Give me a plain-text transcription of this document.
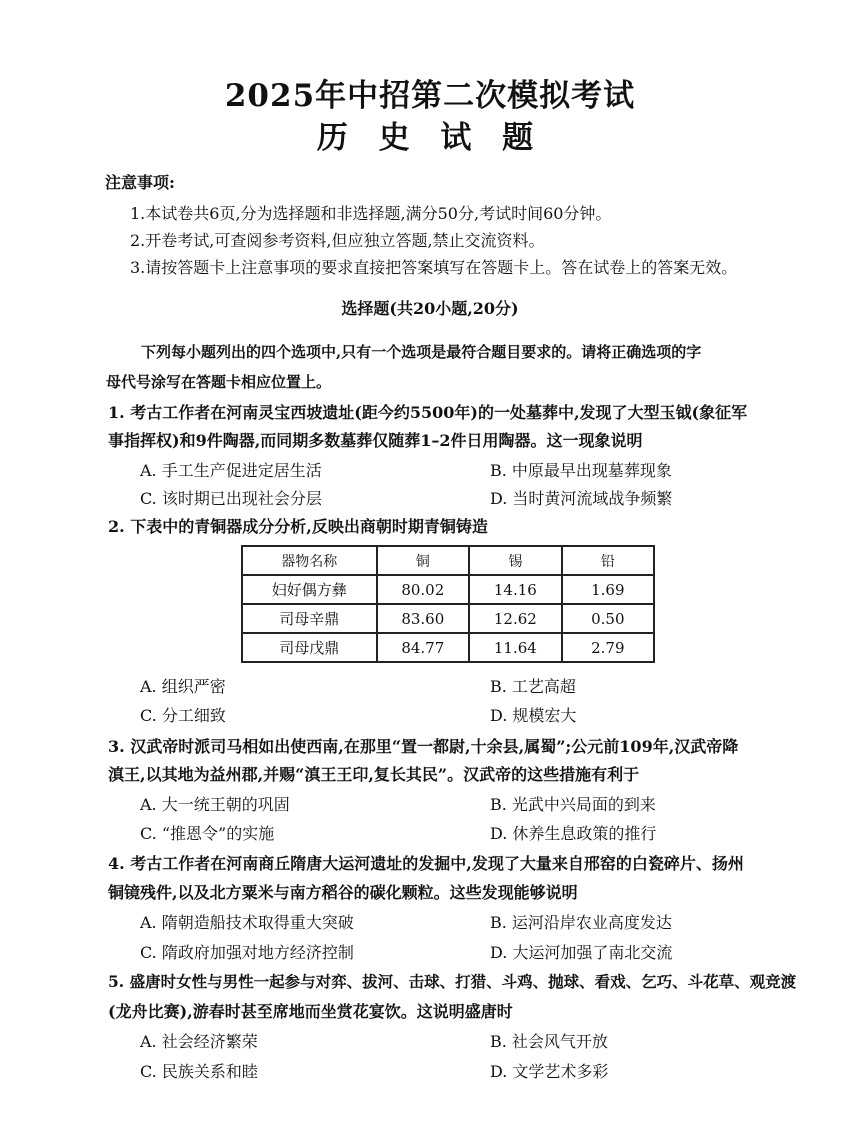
2025年中招第二次模拟考试
历 史 试 题
注意事项:
1.本试卷共6页,分为选择题和非选择题,满分50分,考试时间60分钟。
2.开卷考试,可查阅参考资料,但应独立答题,禁止交流资料。
3.请按答题卡上注意事项的要求直接把答案填写在答题卡上。答在试卷上的答案无效。
选择题(共20小题,20分)
下列每小题列出的四个选项中,只有一个选项是最符合题目要求的。请将正确选项的字
母代号涂写在答题卡相应位置上。
1. 考古工作者在河南灵宝西坡遗址(距今约5500年)的一处墓葬中,发现了大型玉钺(象征军
事指挥权)和9件陶器,而同期多数墓葬仅随葬1–2件日用陶器。这一现象说明
A. 手工生产促进定居生活	B. 中原最早出现墓葬现象
C. 该时期已出现社会分层	D. 当时黄河流域战争频繁
2. 下表中的青铜器成分分析,反映出商朝时期青铜铸造
器物名称	铜	锡	铅
妇好偶方彝	80.02	14.16	1.69
司母辛鼎	83.60	12.62	0.50
司母戊鼎	84.77	11.64	2.79
A. 组织严密	B. 工艺高超
C. 分工细致	D. 规模宏大
3. 汉武帝时派司马相如出使西南,在那里“置一都尉,十余县,属蜀”;公元前109年,汉武帝降
滇王,以其地为益州郡,并赐“滇王王印,复长其民”。汉武帝的这些措施有利于
A. 大一统王朝的巩固	B. 光武中兴局面的到来
C. “推恩令”的实施	D. 休养生息政策的推行
4. 考古工作者在河南商丘隋唐大运河遗址的发掘中,发现了大量来自邢窑的白瓷碎片、扬州
铜镜残件,以及北方粟米与南方稻谷的碳化颗粒。这些发现能够说明
A. 隋朝造船技术取得重大突破	B. 运河沿岸农业高度发达
C. 隋政府加强对地方经济控制	D. 大运河加强了南北交流
5. 盛唐时女性与男性一起参与对弈、拔河、击球、打猎、斗鸡、抛球、看戏、乞巧、斗花草、观竞渡
(龙舟比赛),游春时甚至席地而坐赏花宴饮。这说明盛唐时
A. 社会经济繁荣	B. 社会风气开放
C. 民族关系和睦	D. 文学艺术多彩
